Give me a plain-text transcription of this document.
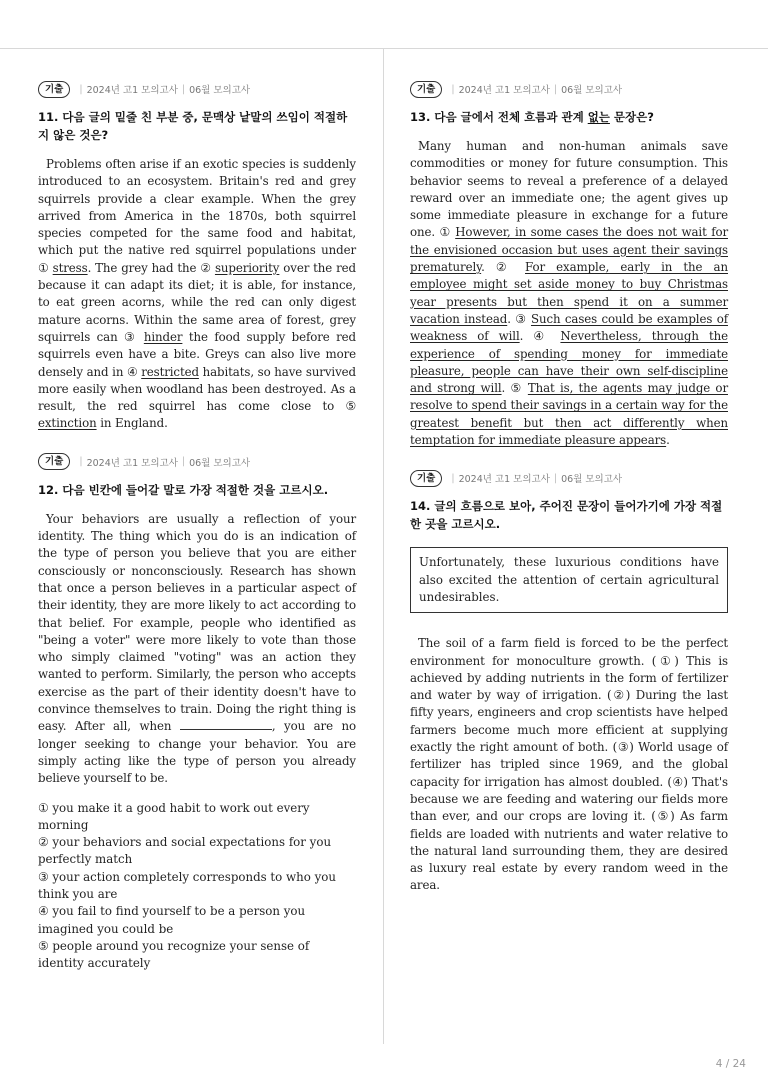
기출	| 2024년 고1 모의고사 | 06월 모의고사
11. 다음 글의 밑줄 친 부분 중, 문맥상 낱말의 쓰임이 적절하지 않은 것은?

Problems often arise if an exotic species is suddenly introduced to an ecosystem. Britain's red and grey squirrels provide a clear example. When the grey arrived from America in the 1870s, both squirrel species competed for the same food and habitat, which put the native red squirrel populations under ① stress. The grey had the ② superiority over the red because it can adapt its diet; it is able, for instance, to eat green acorns, while the red can only digest mature acorns. Within the same area of forest, grey squirrels can ③ hinder the food supply before red squirrels even have a bite. Greys can also live more densely and in ④ restricted habitats, so have survived more easily when woodland has been destroyed. As a result, the red squirrel has come close to ⑤ extinction in England.

기출	| 2024년 고1 모의고사 | 06월 모의고사
12. 다음 빈칸에 들어갈 말로 가장 적절한 것을 고르시오.

Your behaviors are usually a reflection of your identity. The thing which you do is an indication of the type of person you believe that you are either consciously or nonconsciously. Research has shown that once a person believes in a particular aspect of their identity, they are more likely to act according to that belief. For example, people who identified as "being a voter" were more likely to vote than those who simply claimed "voting" was an action they wanted to perform. Similarly, the person who accepts exercise as the part of their identity doesn't have to convince themselves to train. Doing the right thing is easy. After all, when	, you are no longer seeking to change your behavior. You are simply acting like the type of person you already believe yourself to be.

① you make it a good habit to work out every morning
② your behaviors and social expectations for you perfectly match
③ your action completely corresponds to who you think you are
④ you fail to find yourself to be a person you imagined you could be
⑤ people around you recognize your sense of identity accurately
기출	| 2024년 고1 모의고사 | 06월 모의고사
13. 다음 글에서 전체 흐름과 관계 없는 문장은?

Many human and non-human animals save commodities or money for future consumption. This behavior seems to reveal a preference of a delayed reward over an immediate one; the agent gives up some immediate pleasure in exchange for a future one. ① However, in some cases the does not wait for the envisioned occasion but uses agent their savings prematurely. ② For example, early in the an employee might set aside money to buy Christmas year presents but then spend it on a summer vacation instead. ③ Such cases could be examples of weakness of will. ④ Nevertheless, through the experience of spending money for immediate pleasure, people can have their own self-discipline and strong will. ⑤ That is, the agents may judge or resolve to spend their savings in a certain way for the greatest benefit but then act differently when temptation for immediate pleasure appears.

기출	| 2024년 고1 모의고사 | 06월 모의고사
14. 글의 흐름으로 보아, 주어진 문장이 들어가기에 가장 적절한 곳을 고르시오.
Unfortunately, these luxurious conditions have also excited the attention of certain agricultural undesirables.

The soil of a farm field is forced to be the perfect environment for monoculture growth. (①) This is achieved by adding nutrients in the form of fertilizer and water by way of irrigation. (②) During the last fifty years, engineers and crop scientists have helped farmers become much more efficient at supplying exactly the right amount of both. (③) World usage of fertilizer has tripled since 1969, and the global capacity for irrigation has almost doubled. (④) That's because we are feeding and watering our fields more than ever, and our crops are loving it. (⑤) As farm fields are loaded with nutrients and water relative to the natural land surrounding them, they are desired as luxury real estate by every random weed in the area.

4 / 24
